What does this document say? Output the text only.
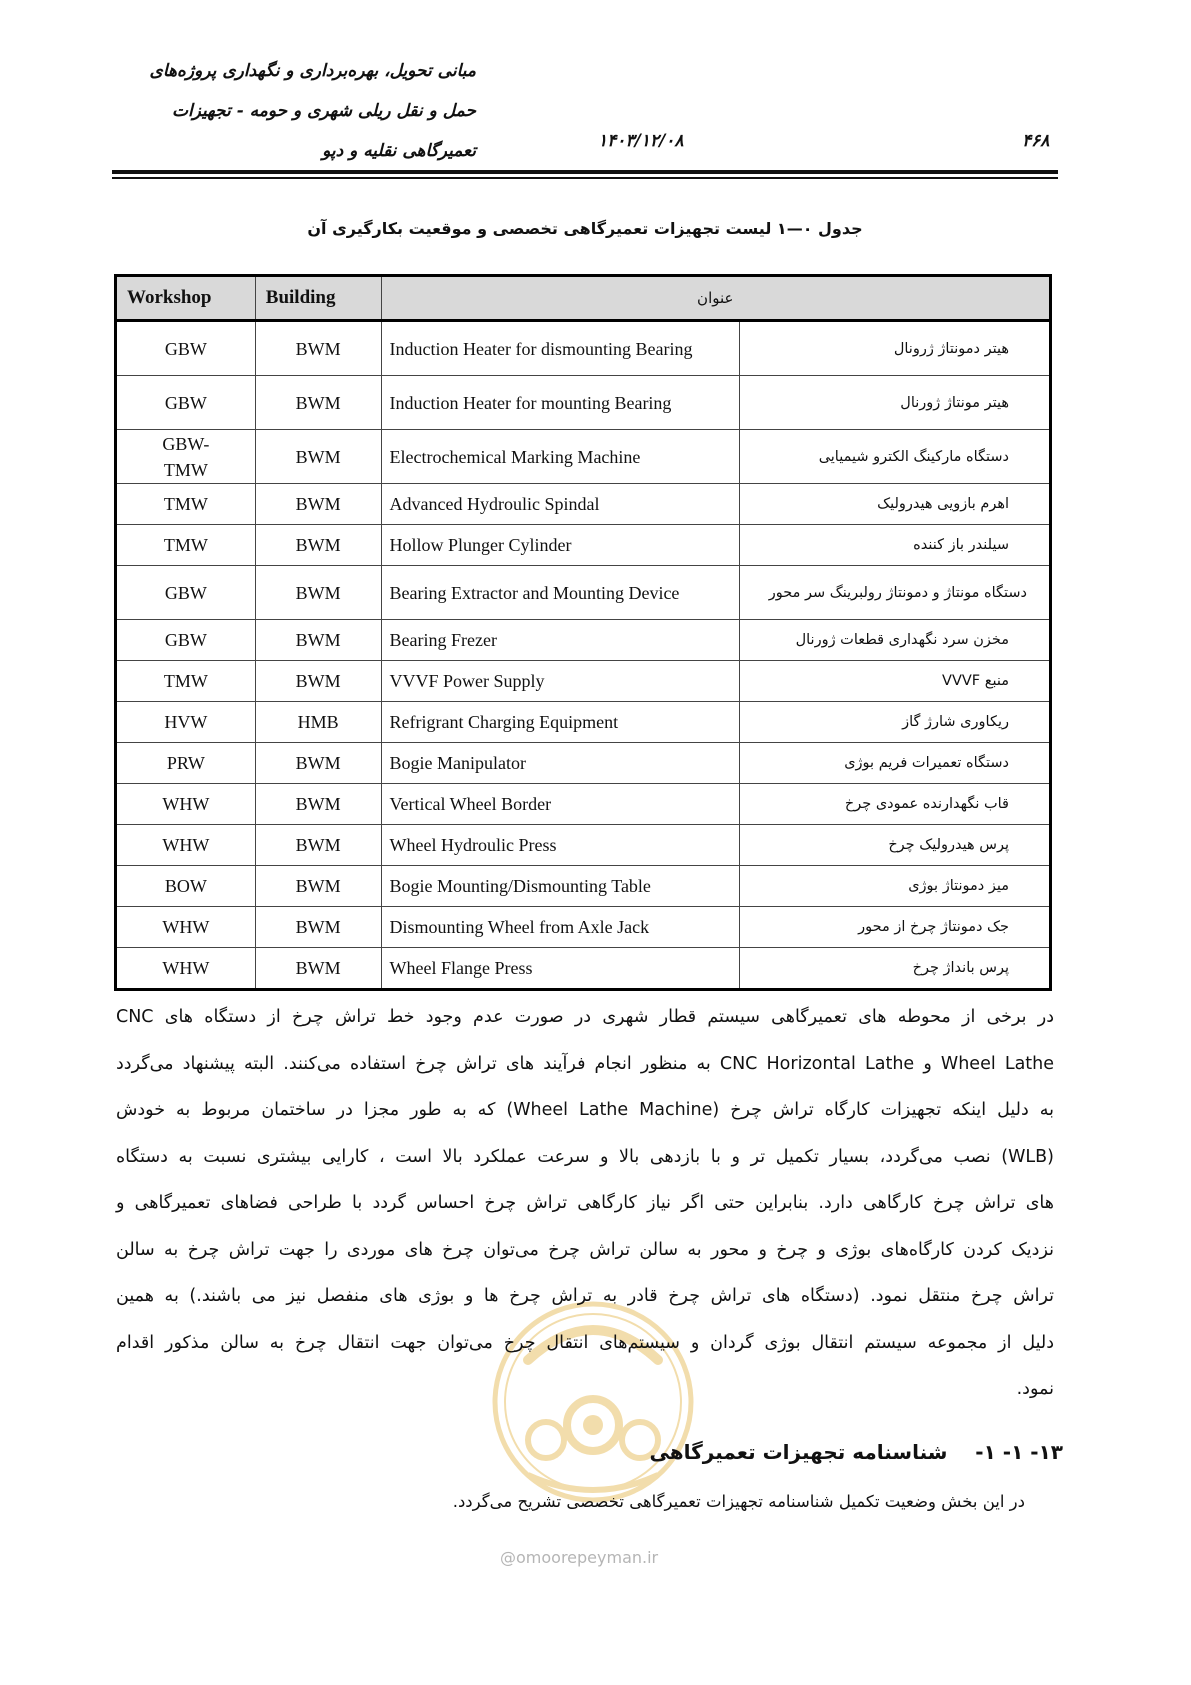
مبانی تحویل، بهره‌برداری و نگهداری پروژه‌های
حمل و نقل ریلی شهری و حومه - تجهیزات
تعمیرگاهی نقلیه و دپو	۱۴۰۳/۱۲/۰۸	۴۶۸
جدول ۰—۱ لیست تجهیزات تعمیرگاهی تخصصی و موقعیت بکارگیری آن
Workshop	Building	عنوان	
GBW	BWM	Induction Heater for dismounting Bearing	هیتر دمونتاژ ژرونال
GBW	BWM	Induction Heater for mounting Bearing	هیتر مونتاژ ژورنال
GBW- TMW	BWM	Electrochemical Marking Machine	دستگاه مارکینگ الکترو شیمیایی
TMW	BWM	Advanced Hydroulic Spindal	اهرم بازویی هیدرولیک
TMW	BWM	Hollow Plunger Cylinder	سیلندر باز کننده
GBW	BWM	Bearing Extractor and Mounting Device	دستگاه مونتاژ و دمونتاژ رولبرینگ سر محور
GBW	BWM	Bearing Frezer	مخزن سرد نگهداری قطعات ژورنال
TMW	BWM	VVVF Power Supply	منبع VVVF
HVW	HMB	Refrigrant Charging Equipment	ریکاوری شارژ گاز
PRW	BWM	Bogie Manipulator	دستگاه تعمیرات فریم بوژی
WHW	BWM	Vertical Wheel Border	قاب نگهدارنده عمودی چرخ
WHW	BWM	Wheel Hydroulic Press	پرس هیدرولیک چرخ
BOW	BWM	Bogie Mounting/Dismounting Table	میز دمونتاژ بوژی
WHW	BWM	Dismounting Wheel from Axle Jack	جک دمونتاژ چرخ از محور
WHW	BWM	Wheel Flange Press	پرس بانداژ چرخ
در برخی از محوطه های تعمیرگاهی سیستم قطار شهری در صورت عدم وجود خط تراش چرخ از دستگاه های CNC
Wheel Lathe و CNC Horizontal Lathe به منظور انجام فرآیند های تراش چرخ استفاده می‌کنند. البته پیشنهاد می‌گردد
به دلیل اینکه تجهیزات کارگاه تراش چرخ (Wheel Lathe Machine) که به طور مجزا در ساختمان مربوط به خودش
(WLB) نصب می‌گردد، بسیار تکمیل تر و با بازدهی بالا و سرعت عملکرد بالا است ، کارایی بیشتری نسبت به دستگاه
های تراش چرخ کارگاهی دارد. بنابراین حتی اگر نیاز کارگاهی تراش چرخ احساس گردد با طراحی فضاهای تعمیرگاهی و
نزدیک کردن کارگاه‌های بوژی و چرخ و محور به سالن تراش چرخ می‌توان چرخ های موردی را جهت تراش چرخ به سالن
تراش چرخ منتقل نمود. (دستگاه های تراش چرخ قادر به تراش چرخ ها و بوژی های منفصل نیز می باشند.) به همین
دلیل از مجموعه سیستم انتقال بوژی گردان و سیستم‌های انتقال چرخ می‌توان جهت انتقال چرخ به سالن مذکور اقدام
نمود.
۱۳- ۱- ۱-    شناسنامه تجهیزات تعمیرگاهی
در این بخش وضعیت تکمیل شناسنامه تجهیزات تعمیرگاهی تخصصی تشریح می‌گردد.
@omoorepeyman.ir
